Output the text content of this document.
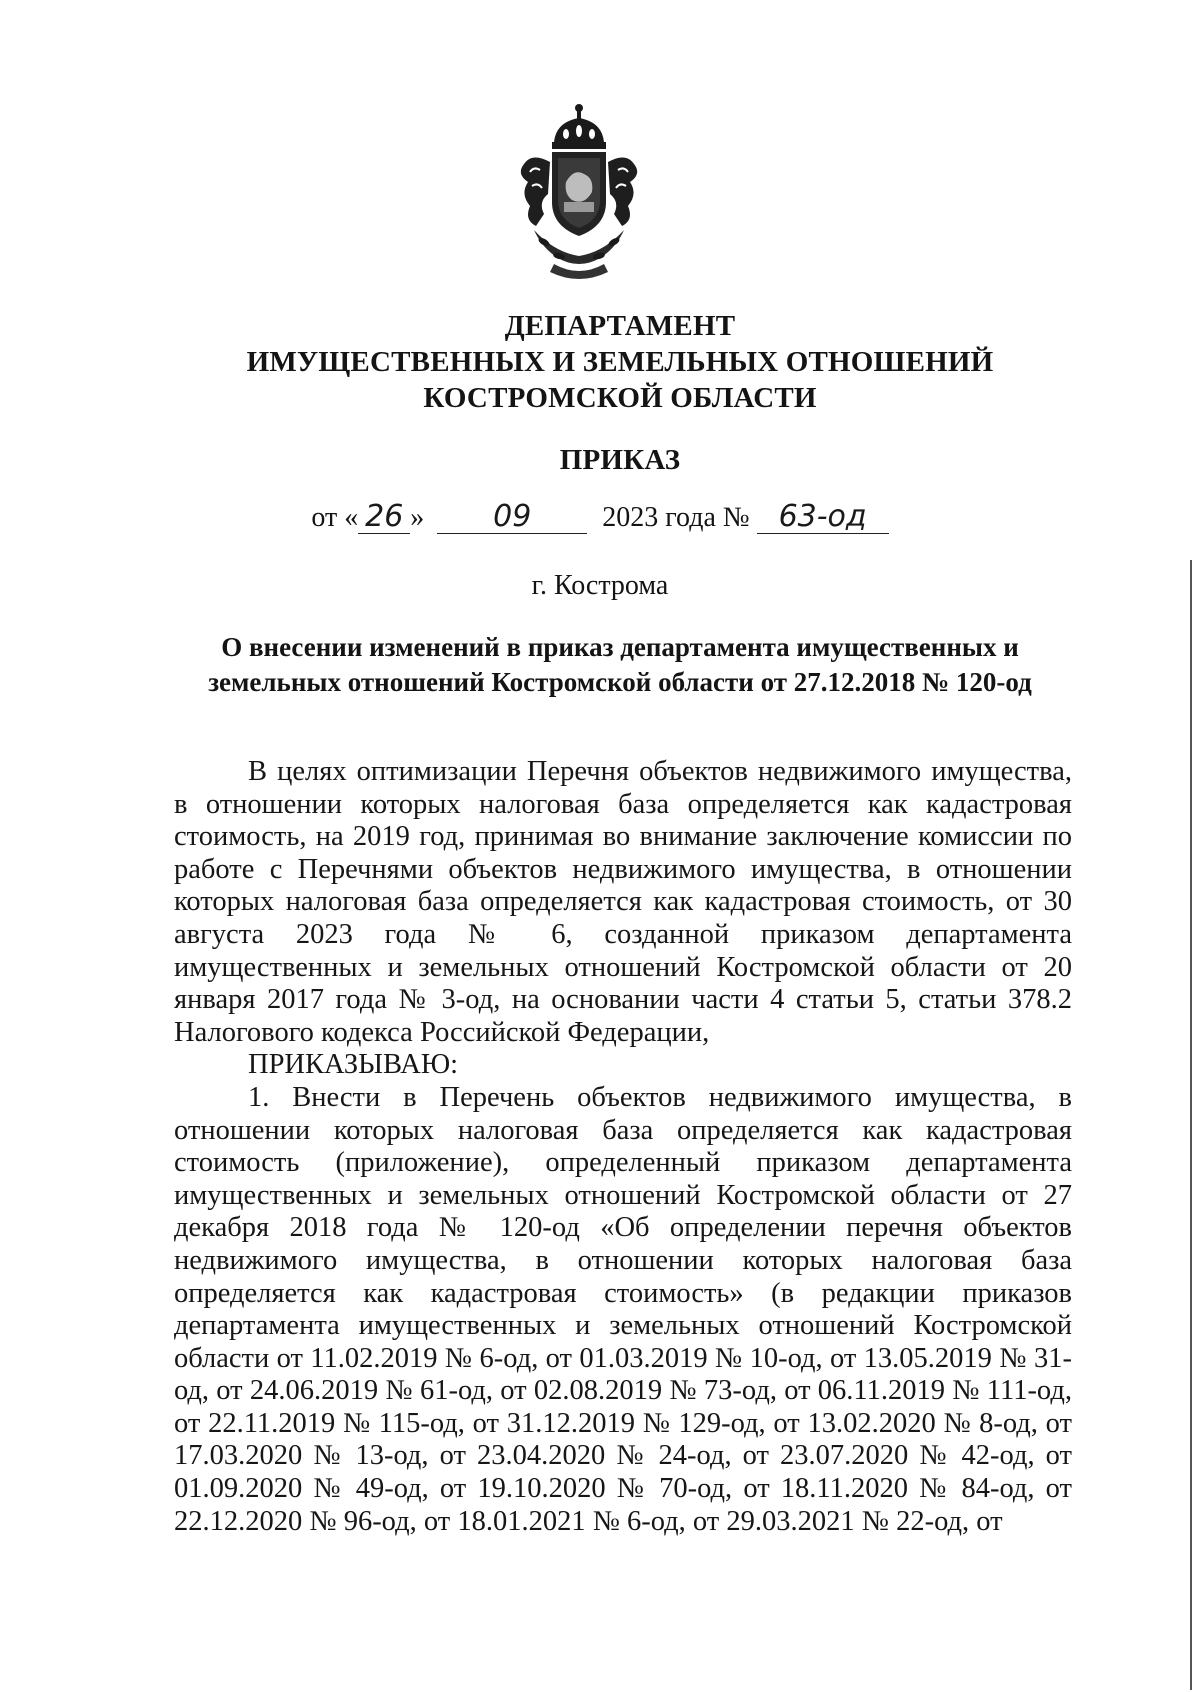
ДЕПАРТАМЕНТ
ИМУЩЕСТВЕННЫХ И ЗЕМЕЛЬНЫХ ОТНОШЕНИЙ
КОСТРОМСКОЙ ОБЛАСТИ
ПРИКАЗ
от « 26 » 09	2023 года № 63-од
г. Кострома
О внесении изменений в приказ департамента имущественных и
земельных отношений Костромской области от 27.12.2018 № 120-од

В целях оптимизации Перечня объектов недвижимого имущества, в отношении которых налоговая база определяется как кадастровая стоимость, на 2019 год, принимая во внимание заключение комиссии по работе с Перечнями объектов недвижимого имущества, в отношении которых налоговая база определяется как кадастровая стоимость, от 30 августа 2023 года № 6, созданной приказом департамента имущественных и земельных отношений Костромской области от 20 января 2017 года № 3-од, на основании части 4 статьи 5, статьи 378.2 Налогового кодекса Российской Федерации,

ПРИКАЗЫВАЮ:

1. Внести в Перечень объектов недвижимого имущества, в отношении которых налоговая база определяется как кадастровая стоимость (приложение), определенный приказом департамента имущественных и земельных отношений Костромской области от 27 декабря 2018 года № 120-од «Об определении перечня объектов недвижимого имущества, в отношении которых налоговая база определяется как кадастровая стоимость» (в редакции приказов департамента имущественных и земельных отношений Костромской области от 11.02.2019 № 6-од, от 01.03.2019 № 10-од, от 13.05.2019 № 31-од, от 24.06.2019 № 61-од, от 02.08.2019 № 73-од, от 06.11.2019 № 111-од, от 22.11.2019 № 115-од, от 31.12.2019 № 129-од, от 13.02.2020 № 8-од, от 17.03.2020 № 13-од, от 23.04.2020 № 24-од, от 23.07.2020 № 42-од, от 01.09.2020 № 49-од, от 19.10.2020 № 70-од, от 18.11.2020 № 84-од, от 22.12.2020 № 96-од, от 18.01.2021 № 6-од, от 29.03.2021 № 22-од, от
